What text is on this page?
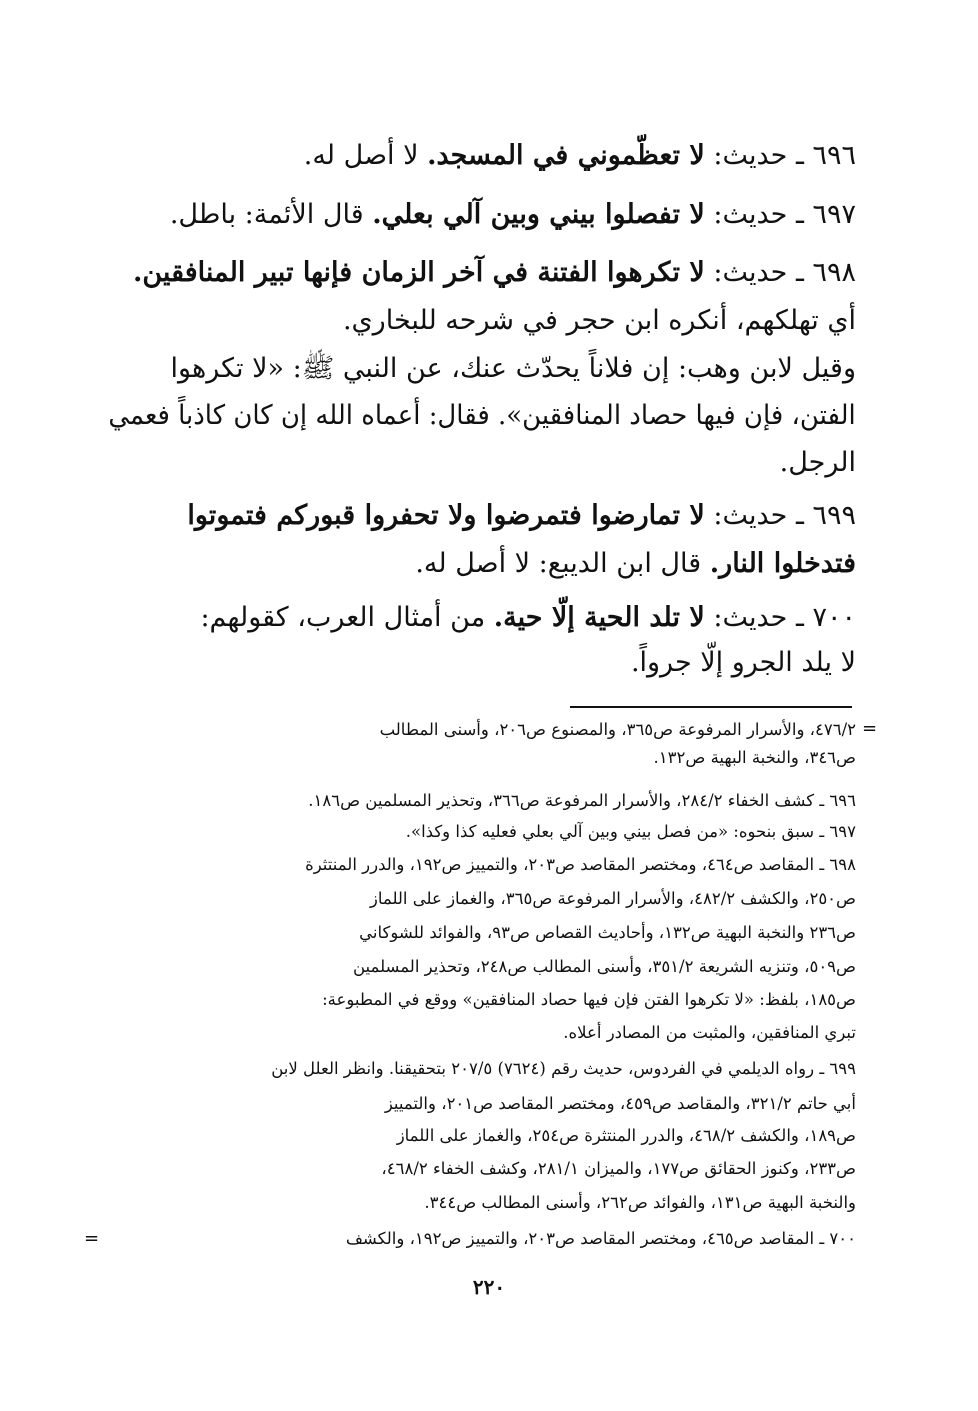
٦٩٦ ـ حديث: لا تعظّموني في المسجد. لا أصل له.
٦٩٧ ـ حديث: لا تفصلوا بيني وبين آلي بعلي. قال الأئمة: باطل.
٦٩٨ ـ حديث: لا تكرهوا الفتنة في آخر الزمان فإنها تبير المنافقين.
أي تهلكهم، أنكره ابن حجر في شرحه للبخاري.
وقيل لابن وهب: إن فلاناً يحدّث عنك، عن النبي ﷺ: «لا تكرهوا
الفتن، فإن فيها حصاد المنافقين». فقال: أعماه الله إن كان كاذباً فعمي
الرجل.
٦٩٩ ـ حديث: لا تمارضوا فتمرضوا ولا تحفروا قبوركم فتموتوا
فتدخلوا النار. قال ابن الديبع: لا أصل له.
٧٠٠ ـ حديث: لا تلد الحية إلّا حية. من أمثال العرب، كقولهم:
لا يلد الجرو إلّا جرواً.
=
٤٧٦/٢، والأسرار المرفوعة ص٣٦٥، والمصنوع ص٢٠٦، وأسنى المطالب
ص٣٤٦، والنخبة البهية ص١٣٢.
٦٩٦ ـ كشف الخفاء ٢٨٤/٢، والأسرار المرفوعة ص٣٦٦، وتحذير المسلمين ص١٨٦.
٦٩٧ ـ سبق بنحوه: «من فصل بيني وبين آلي بعلي فعليه كذا وكذا».
٦٩٨ ـ المقاصد ص٤٦٤، ومختصر المقاصد ص٢٠٣، والتمييز ص١٩٢، والدرر المنتثرة
ص٢٥٠، والكشف ٤٨٢/٢، والأسرار المرفوعة ص٣٦٥، والغماز على اللماز
ص٢٣٦ والنخبة البهية ص١٣٢، وأحاديث القصاص ص٩٣، والفوائد للشوكاني
ص٥٠٩، وتنزيه الشريعة ٣٥١/٢، وأسنى المطالب ص٢٤٨، وتحذير المسلمين
ص١٨٥، بلفظ: «لا تكرهوا الفتن فإن فيها حصاد المنافقين» ووقع في المطبوعة:
تبري المنافقين، والمثبت من المصادر أعلاه.
٦٩٩ ـ رواه الديلمي في الفردوس، حديث رقم (٧٦٢٤) ٢٠٧/٥ بتحقيقنا. وانظر العلل لابن
أبي حاتم ٣٢١/٢، والمقاصد ص٤٥٩، ومختصر المقاصد ص٢٠١، والتمييز
ص١٨٩، والكشف ٤٦٨/٢، والدرر المنتثرة ص٢٥٤، والغماز على اللماز
ص٢٣٣، وكنوز الحقائق ص١٧٧، والميزان ٢٨١/١، وكشف الخفاء ٤٦٨/٢،
والنخبة البهية ص١٣١، والفوائد ص٢٦٢، وأسنى المطالب ص٣٤٤.
٧٠٠ ـ المقاصد ص٤٦٥، ومختصر المقاصد ص٢٠٣، والتمييز ص١٩٢، والكشف
=
٢٢٠
